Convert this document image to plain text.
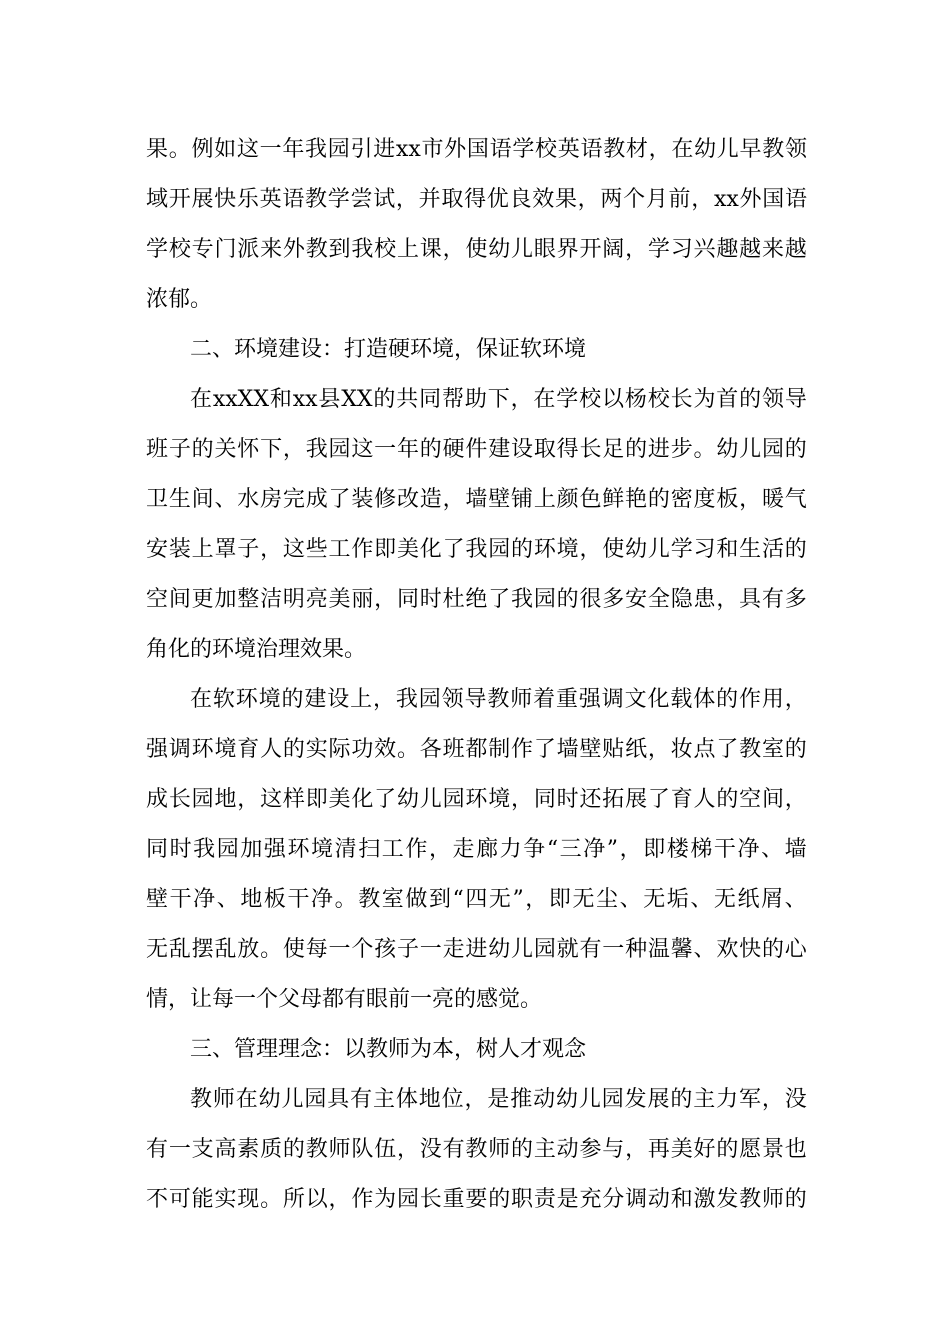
果 。 例 如 这 一 年 我 园 引 进 xx 市 外 国 语 学 校 英 语 教 材 ， 在 幼 儿 早 教 领
域 开 展 快 乐 英 语 教 学 尝 试 ， 并 取 得 优 良 效 果 ， 两 个 月 前 ， xx 外 国 语
学 校 专 门 派 来 外 教 到 我 校 上 课 ， 使 幼 儿 眼 界 开 阔 ， 学 习 兴 趣 越 来 越
浓郁。
二、环境建设：打造硬环境，保证软环境
在 xxXX 和 xx 县 XX 的 共 同 帮 助 下 ， 在 学 校 以 杨 校 长 为 首 的 领 导
班 子 的 关 怀 下 ， 我 园 这 一 年 的 硬 件 建 设 取 得 长 足 的 进 步 。 幼 儿 园 的
卫 生 间 、 水 房 完 成 了 装 修 改 造 ， 墙 壁 铺 上 颜 色 鲜 艳 的 密 度 板 ， 暖 气
安 装 上 罩 子 ， 这 些 工 作 即 美 化 了 我 园 的 环 境 ， 使 幼 儿 学 习 和 生 活 的
空 间 更 加 整 洁 明 亮 美 丽 ， 同 时 杜 绝 了 我 园 的 很 多 安 全 隐 患 ， 具 有 多
角化的环境治理效果。
在 软 环 境 的 建 设 上 ， 我 园 领 导 教 师 着 重 强 调 文 化 载 体 的 作 用 ，
强 调 环 境 育 人 的 实 际 功 效 。 各 班 都 制 作 了 墙 壁 贴 纸 ， 妆 点 了 教 室 的
成 长 园 地 ， 这 样 即 美 化 了 幼 儿 园 环 境 ， 同 时 还 拓 展 了 育 人 的 空 间 ，
同 时 我 园 加 强 环 境 清 扫 工 作 ， 走 廊 力 争 “ 三 净 ” ， 即 楼 梯 干 净 、 墙
壁 干 净 、 地 板 干 净 。 教 室 做 到 “ 四 无 ” ， 即 无 尘 、 无 垢 、 无 纸 屑 、
无 乱 摆 乱 放 。 使 每 一 个 孩 子 一 走 进 幼 儿 园 就 有 一 种 温 馨 、 欢 快 的 心
情，让每一个父母都有眼前一亮的感觉。
三、管理理念：以教师为本，树人才观念
教 师 在 幼 儿 园 具 有 主 体 地 位 ， 是 推 动 幼 儿 园 发 展 的 主 力 军 ， 没
有 一 支 高 素 质 的 教 师 队 伍 ， 没 有 教 师 的 主 动 参 与 ， 再 美 好 的 愿 景 也
不 可 能 实 现 。 所 以 ， 作 为 园 长 重 要 的 职 责 是 充 分 调 动 和 激 发 教 师 的
